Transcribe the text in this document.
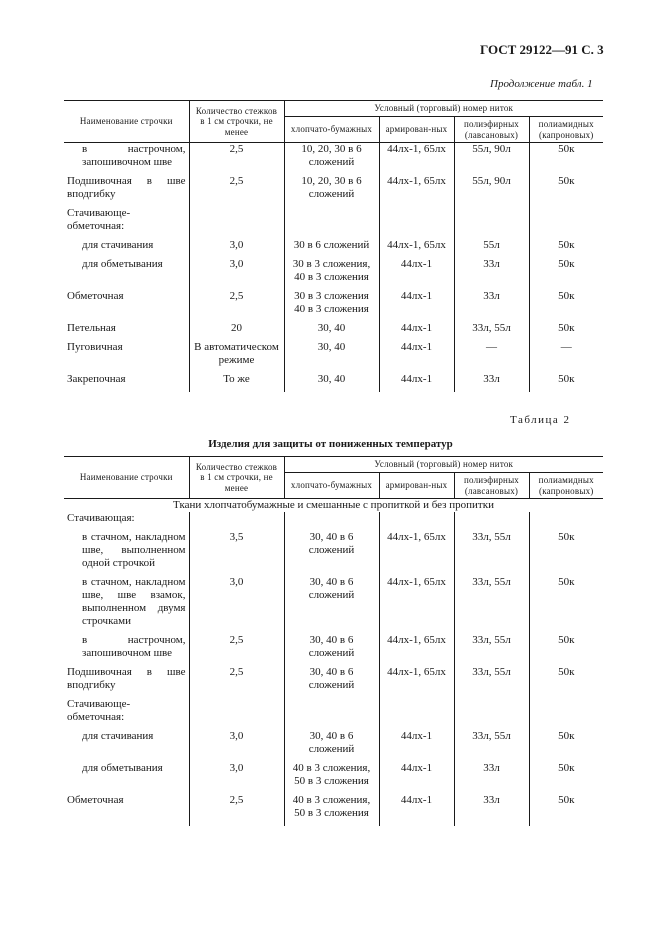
ГОСТ 29122—91 С. 3
Продолжение табл. 1
Наименование строчки	Количество стежков в 1 см строчки, не менее	Условный (торговый) номер ниток			
		хлопчато-бумажных	армирован-ных	полиэфирных (лавсановых)	полиамидных (капроновых)
в настрочном, запошивочном шве	2,5	10, 20, 30 в 6 сложений	44лх-1, 65лх	55л, 90л	50к

Подшивочная в шве вподгибку	2,5	10, 20, 30 в 6 сложений	44лх-1, 65лх	55л, 90л	50к

Стачивающе-обметочная:					

для стачивания	3,0	30 в 6 сложений	44лх-1, 65лх	55л	50к

для обметывания	3,0	30 в 3 сложения, 40 в 3 сложения	44лх-1	33л	50к

Обметочная	2,5	30 в 3 сложения 40 в 3 сложения	44лх-1	33л	50к

Петельная	20	30, 40	44лх-1	33л, 55л	50к

Пуговичная	В автоматическом режиме	30, 40	44лх-1	—	—

Закрепочная	То же	30, 40	44лх-1	33л	50к

Таблица 2
Изделия для защиты от пониженных температур
Наименование строчки	Количество стежков в 1 см строчки, не менее	Условный (торговый) номер ниток			
		хлопчато-бумажных	армирован-ных	полиэфирных (лавсановых)	полиамидных (капроновых)
Ткани хлопчатобумажные и смешанные с пропиткой и без пропитки					
Стачивающая:					

в стачном, накладном шве, выполненном одной строчкой	3,5	30, 40 в 6 сложений	44лх-1, 65лх	33л, 55л	50к

в стачном, накладном шве, шве взамок, выполненном двумя строчками	3,0	30, 40 в 6 сложений	44лх-1, 65лх	33л, 55л	50к

в настрочном, запошивочном шве	2,5	30, 40 в 6 сложений	44лх-1, 65лх	33л, 55л	50к

Подшивочная в шве вподгибку	2,5	30, 40 в 6 сложений	44лх-1, 65лх	33л, 55л	50к

Стачивающе-обметочная:					

для стачивания	3,0	30, 40 в 6 сложений	44лх-1	33л, 55л	50к

для обметывания	3,0	40 в 3 сложения, 50 в 3 сложения	44лх-1	33л	50к

Обметочная	2,5	40 в 3 сложения, 50 в 3 сложения	44лх-1	33л	50к
